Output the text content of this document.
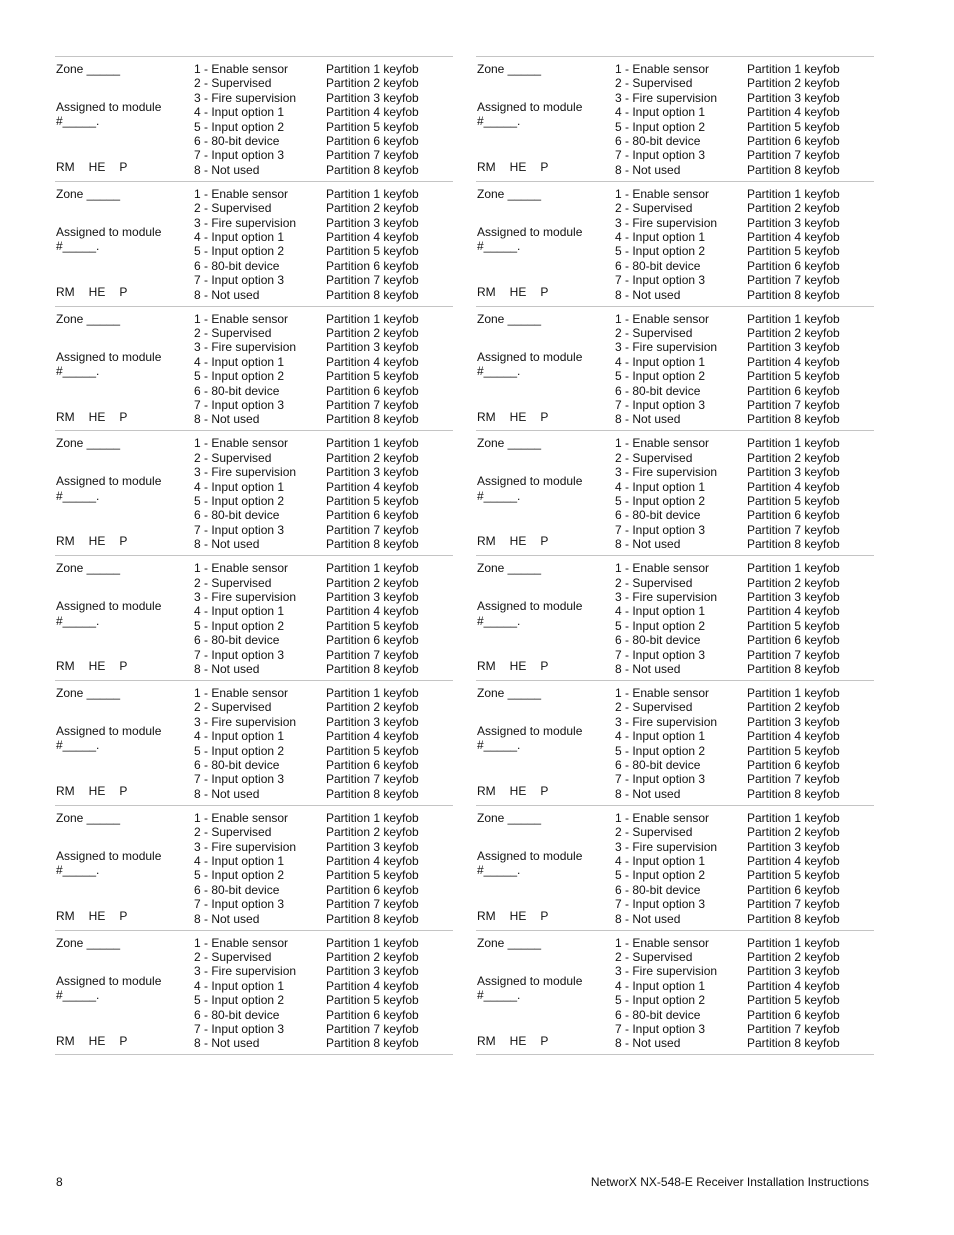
Zone _____
Assigned to module
#_____.
RM HE P
1 - Enable sensor
2 - Supervised
3 - Fire supervision
4 - Input option 1
5 - Input option 2
6 - 80-bit device
7 - Input option 3
8 - Not used
Partition 1 keyfob
Partition 2 keyfob
Partition 3 keyfob
Partition 4 keyfob
Partition 5 keyfob
Partition 6 keyfob
Partition 7 keyfob
Partition 8 keyfob
Zone _____
Assigned to module
#_____.
RM HE P
1 - Enable sensor
2 - Supervised
3 - Fire supervision
4 - Input option 1
5 - Input option 2
6 - 80-bit device
7 - Input option 3
8 - Not used
Partition 1 keyfob
Partition 2 keyfob
Partition 3 keyfob
Partition 4 keyfob
Partition 5 keyfob
Partition 6 keyfob
Partition 7 keyfob
Partition 8 keyfob
Zone _____
Assigned to module
#_____.
RM HE P
1 - Enable sensor
2 - Supervised
3 - Fire supervision
4 - Input option 1
5 - Input option 2
6 - 80-bit device
7 - Input option 3
8 - Not used
Partition 1 keyfob
Partition 2 keyfob
Partition 3 keyfob
Partition 4 keyfob
Partition 5 keyfob
Partition 6 keyfob
Partition 7 keyfob
Partition 8 keyfob
Zone _____
Assigned to module
#_____.
RM HE P
1 - Enable sensor
2 - Supervised
3 - Fire supervision
4 - Input option 1
5 - Input option 2
6 - 80-bit device
7 - Input option 3
8 - Not used
Partition 1 keyfob
Partition 2 keyfob
Partition 3 keyfob
Partition 4 keyfob
Partition 5 keyfob
Partition 6 keyfob
Partition 7 keyfob
Partition 8 keyfob
Zone _____
Assigned to module
#_____.
RM HE P
1 - Enable sensor
2 - Supervised
3 - Fire supervision
4 - Input option 1
5 - Input option 2
6 - 80-bit device
7 - Input option 3
8 - Not used
Partition 1 keyfob
Partition 2 keyfob
Partition 3 keyfob
Partition 4 keyfob
Partition 5 keyfob
Partition 6 keyfob
Partition 7 keyfob
Partition 8 keyfob
Zone _____
Assigned to module
#_____.
RM HE P
1 - Enable sensor
2 - Supervised
3 - Fire supervision
4 - Input option 1
5 - Input option 2
6 - 80-bit device
7 - Input option 3
8 - Not used
Partition 1 keyfob
Partition 2 keyfob
Partition 3 keyfob
Partition 4 keyfob
Partition 5 keyfob
Partition 6 keyfob
Partition 7 keyfob
Partition 8 keyfob
Zone _____
Assigned to module
#_____.
RM HE P
1 - Enable sensor
2 - Supervised
3 - Fire supervision
4 - Input option 1
5 - Input option 2
6 - 80-bit device
7 - Input option 3
8 - Not used
Partition 1 keyfob
Partition 2 keyfob
Partition 3 keyfob
Partition 4 keyfob
Partition 5 keyfob
Partition 6 keyfob
Partition 7 keyfob
Partition 8 keyfob
Zone _____
Assigned to module
#_____.
RM HE P
1 - Enable sensor
2 - Supervised
3 - Fire supervision
4 - Input option 1
5 - Input option 2
6 - 80-bit device
7 - Input option 3
8 - Not used
Partition 1 keyfob
Partition 2 keyfob
Partition 3 keyfob
Partition 4 keyfob
Partition 5 keyfob
Partition 6 keyfob
Partition 7 keyfob
Partition 8 keyfob
Zone _____
Assigned to module
#_____.
RM HE P
1 - Enable sensor
2 - Supervised
3 - Fire supervision
4 - Input option 1
5 - Input option 2
6 - 80-bit device
7 - Input option 3
8 - Not used
Partition 1 keyfob
Partition 2 keyfob
Partition 3 keyfob
Partition 4 keyfob
Partition 5 keyfob
Partition 6 keyfob
Partition 7 keyfob
Partition 8 keyfob
Zone _____
Assigned to module
#_____.
RM HE P
1 - Enable sensor
2 - Supervised
3 - Fire supervision
4 - Input option 1
5 - Input option 2
6 - 80-bit device
7 - Input option 3
8 - Not used
Partition 1 keyfob
Partition 2 keyfob
Partition 3 keyfob
Partition 4 keyfob
Partition 5 keyfob
Partition 6 keyfob
Partition 7 keyfob
Partition 8 keyfob
Zone _____
Assigned to module
#_____.
RM HE P
1 - Enable sensor
2 - Supervised
3 - Fire supervision
4 - Input option 1
5 - Input option 2
6 - 80-bit device
7 - Input option 3
8 - Not used
Partition 1 keyfob
Partition 2 keyfob
Partition 3 keyfob
Partition 4 keyfob
Partition 5 keyfob
Partition 6 keyfob
Partition 7 keyfob
Partition 8 keyfob
Zone _____
Assigned to module
#_____.
RM HE P
1 - Enable sensor
2 - Supervised
3 - Fire supervision
4 - Input option 1
5 - Input option 2
6 - 80-bit device
7 - Input option 3
8 - Not used
Partition 1 keyfob
Partition 2 keyfob
Partition 3 keyfob
Partition 4 keyfob
Partition 5 keyfob
Partition 6 keyfob
Partition 7 keyfob
Partition 8 keyfob
Zone _____
Assigned to module
#_____.
RM HE P
1 - Enable sensor
2 - Supervised
3 - Fire supervision
4 - Input option 1
5 - Input option 2
6 - 80-bit device
7 - Input option 3
8 - Not used
Partition 1 keyfob
Partition 2 keyfob
Partition 3 keyfob
Partition 4 keyfob
Partition 5 keyfob
Partition 6 keyfob
Partition 7 keyfob
Partition 8 keyfob
Zone _____
Assigned to module
#_____.
RM HE P
1 - Enable sensor
2 - Supervised
3 - Fire supervision
4 - Input option 1
5 - Input option 2
6 - 80-bit device
7 - Input option 3
8 - Not used
Partition 1 keyfob
Partition 2 keyfob
Partition 3 keyfob
Partition 4 keyfob
Partition 5 keyfob
Partition 6 keyfob
Partition 7 keyfob
Partition 8 keyfob
Zone _____
Assigned to module
#_____.
RM HE P
1 - Enable sensor
2 - Supervised
3 - Fire supervision
4 - Input option 1
5 - Input option 2
6 - 80-bit device
7 - Input option 3
8 - Not used
Partition 1 keyfob
Partition 2 keyfob
Partition 3 keyfob
Partition 4 keyfob
Partition 5 keyfob
Partition 6 keyfob
Partition 7 keyfob
Partition 8 keyfob
Zone _____
Assigned to module
#_____.
RM HE P
1 - Enable sensor
2 - Supervised
3 - Fire supervision
4 - Input option 1
5 - Input option 2
6 - 80-bit device
7 - Input option 3
8 - Not used
Partition 1 keyfob
Partition 2 keyfob
Partition 3 keyfob
Partition 4 keyfob
Partition 5 keyfob
Partition 6 keyfob
Partition 7 keyfob
Partition 8 keyfob
8	NetworX NX-548-E Receiver Installation Instructions
